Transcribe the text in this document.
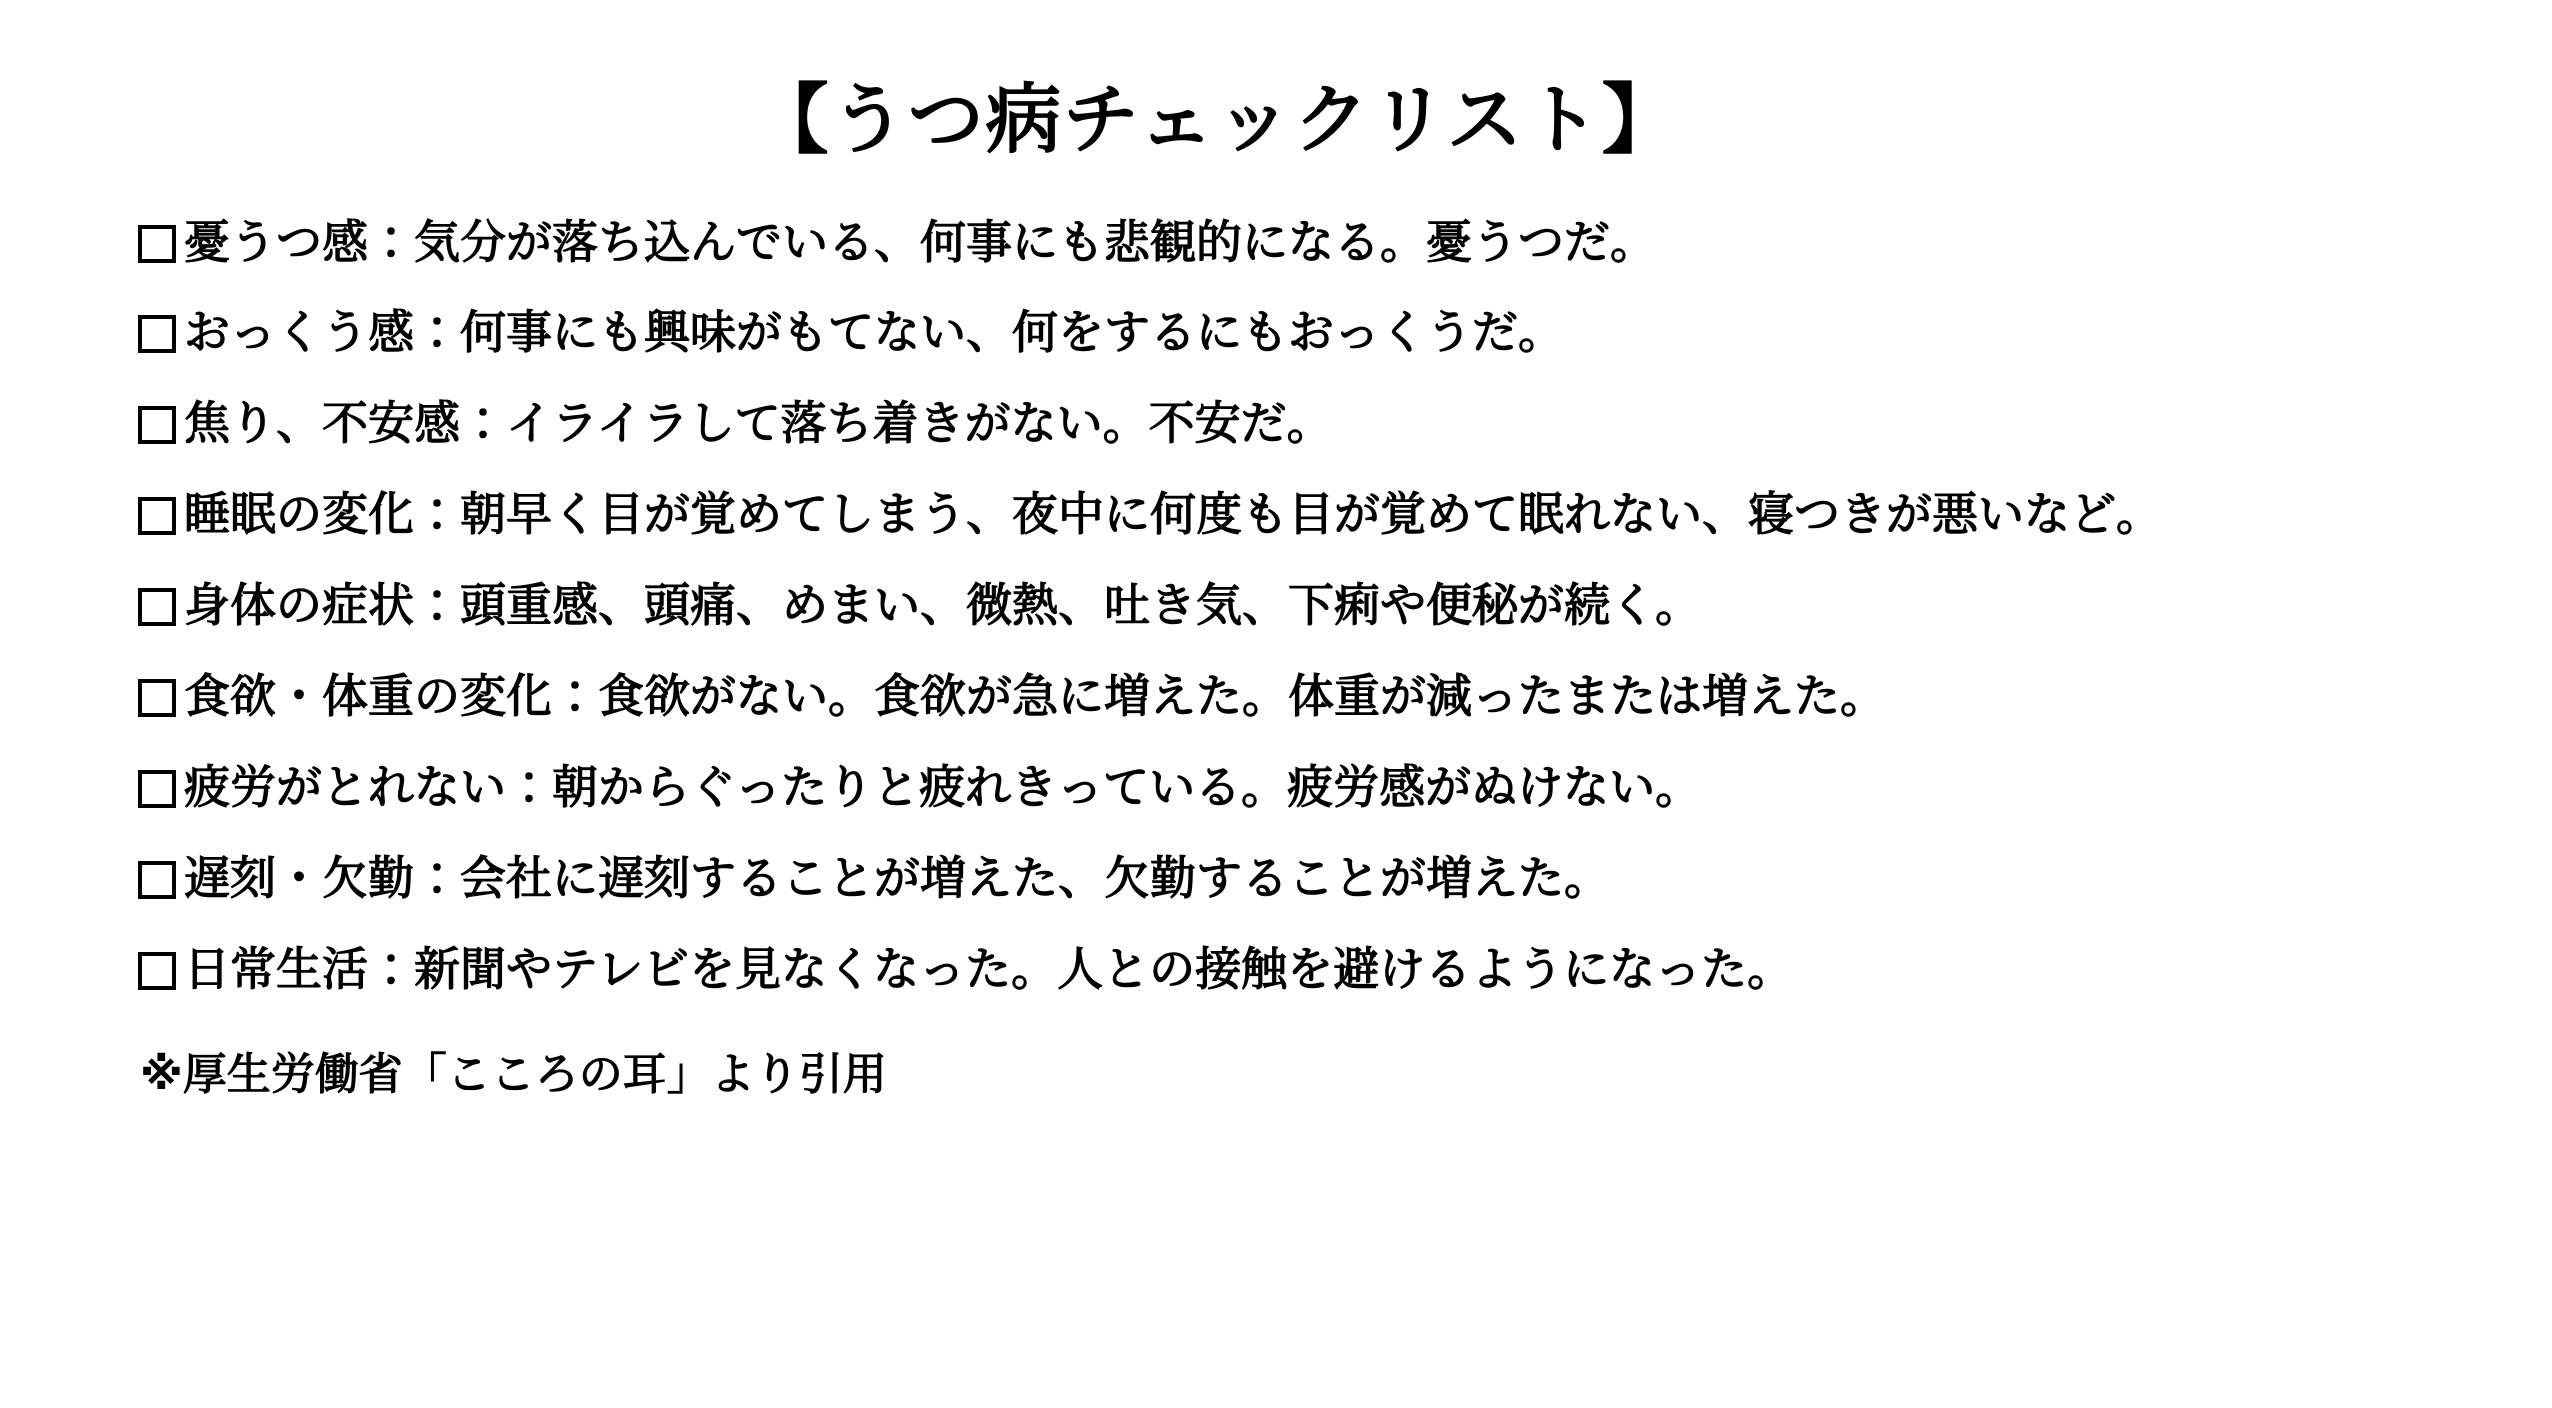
【うつ病チェックリスト】
憂うつ感：気分が落ち込んでいる、何事にも悲観的になる。憂うつだ。
おっくう感：何事にも興味がもてない、何をするにもおっくうだ。
焦り、不安感：イライラして落ち着きがない。不安だ。
睡眠の変化：朝早く目が覚めてしまう、夜中に何度も目が覚めて眠れない、寝つきが悪いなど。
身体の症状：頭重感、頭痛、めまい、微熱、吐き気、下痢や便秘が続く。
食欲・体重の変化：食欲がない。食欲が急に増えた。体重が減ったまたは増えた。
疲労がとれない：朝からぐったりと疲れきっている。疲労感がぬけない。
遅刻・欠勤：会社に遅刻することが増えた、欠勤することが増えた。
日常生活：新聞やテレビを見なくなった。人との接触を避けるようになった。
※厚生労働省「こころの耳」より引用
